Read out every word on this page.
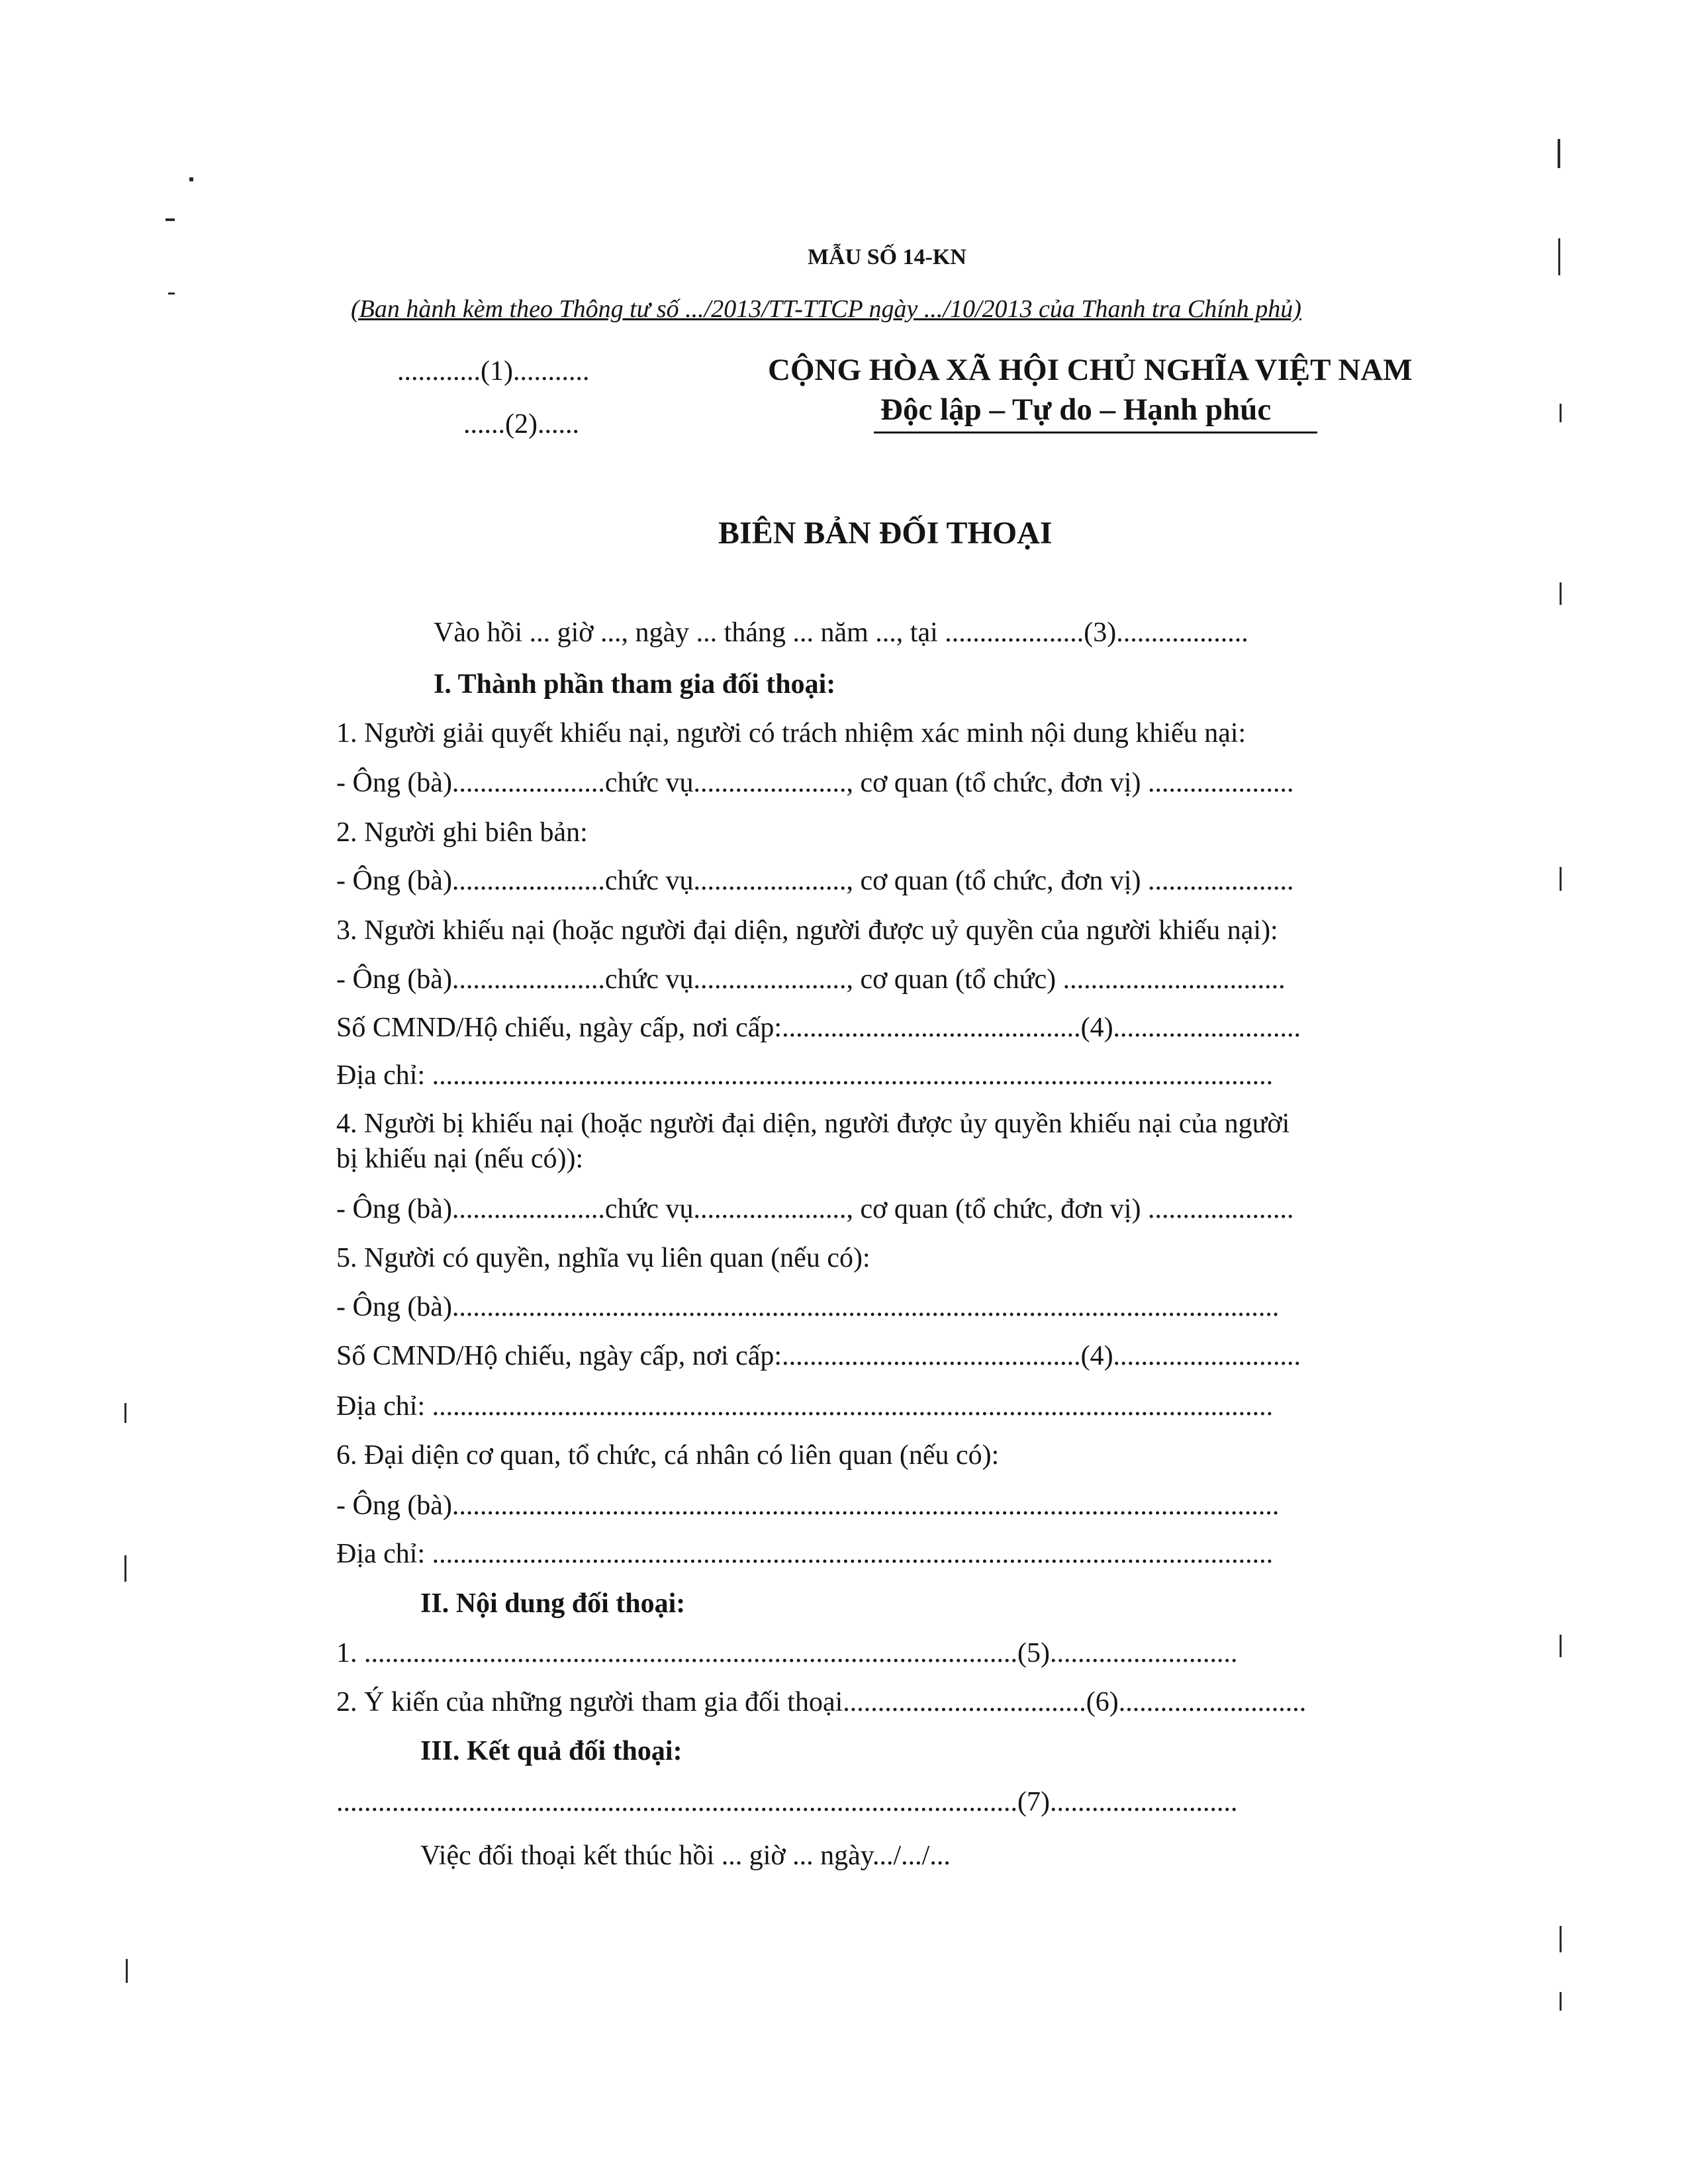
MẪU SỐ 14-KN
(Ban hành kèm theo Thông tư số .../2013/TT-TTCP ngày .../10/2013 của Thanh tra Chính phủ)
............(1)...........
......(2)......
CỘNG HÒA XÃ HỘI CHỦ NGHĨA VIỆT NAM
Độc lập – Tự do – Hạnh phúc
BIÊN BẢN ĐỐI THOẠI
Vào hồi ... giờ ..., ngày ... tháng ... năm ..., tại ....................(3)...................
I. Thành phần tham gia đối thoại:
1. Người giải quyết khiếu nại, người có trách nhiệm xác minh nội dung khiếu nại:
- Ông (bà)......................chức vụ......................, cơ quan (tổ chức, đơn vị) .....................
2. Người ghi biên bản:
- Ông (bà)......................chức vụ......................, cơ quan (tổ chức, đơn vị) .....................
3. Người khiếu nại (hoặc người đại diện, người được uỷ quyền của người khiếu nại):
- Ông (bà)......................chức vụ......................, cơ quan (tổ chức) ................................
Số CMND/Hộ chiếu, ngày cấp, nơi cấp:...........................................(4)...........................
Địa chỉ: .........................................................................................................................
4. Người bị khiếu nại (hoặc người đại diện, người được ủy quyền khiếu nại của người
bị khiếu nại (nếu có)):
- Ông (bà)......................chức vụ......................, cơ quan (tổ chức, đơn vị) .....................
5. Người có quyền, nghĩa vụ liên quan (nếu có):
- Ông (bà).......................................................................................................................
Số CMND/Hộ chiếu, ngày cấp, nơi cấp:...........................................(4)...........................
Địa chỉ: .........................................................................................................................
6. Đại diện cơ quan, tổ chức, cá nhân có liên quan (nếu có):
- Ông (bà).......................................................................................................................
Địa chỉ: .........................................................................................................................
II. Nội dung đối thoại:
1. ..............................................................................................(5)...........................
2. Ý kiến của những người tham gia đối thoại...................................(6)...........................
III. Kết quả đối thoại:
..................................................................................................(7)...........................
Việc đối thoại kết thúc hồi ... giờ ... ngày.../.../...
